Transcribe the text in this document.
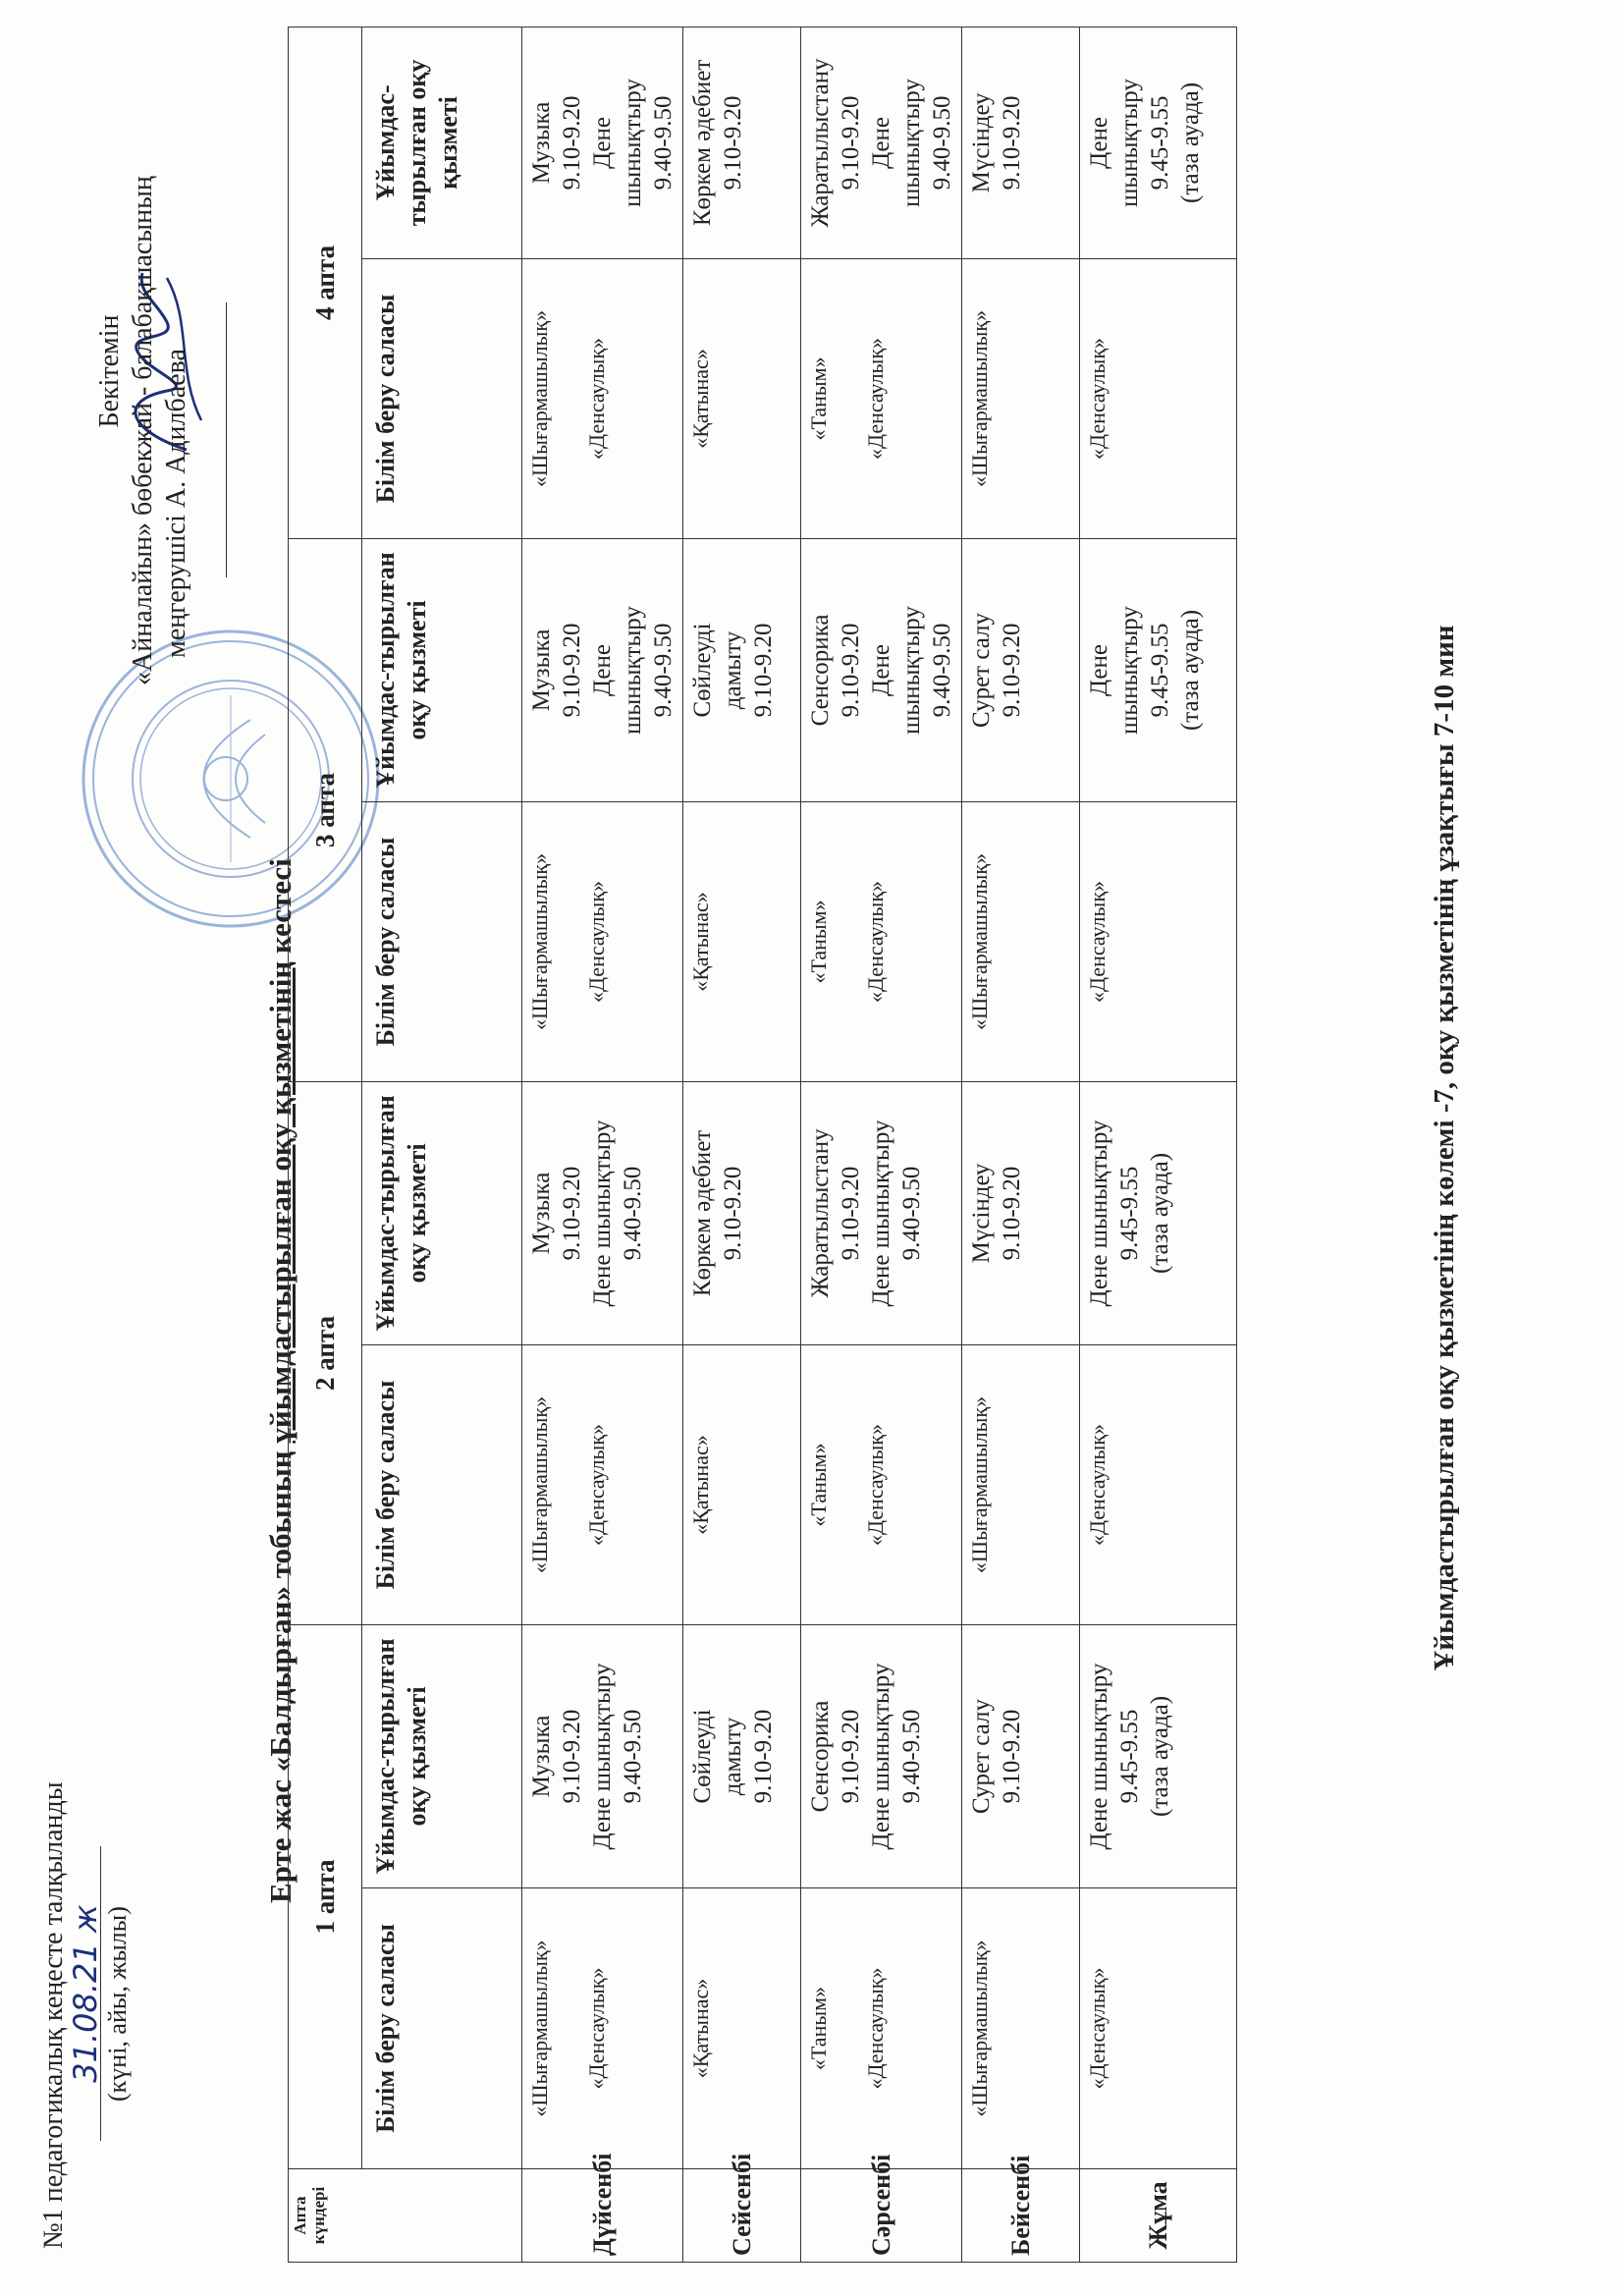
№1 педагогикалық кеңесте талқыланды
31.08.21 ж (күні, айы, жылы)
Бекітемін «Айналайын» бөбекжай - балабақшасының меңгерушісі А. Адилбаева
Ерте жас «Балдырған» тобының ұйымдастырылған оқу қызметінің кестесі
Апта күндері	1 апта		2 апта		3 апта		4 апта	
	Білім беру саласы	Ұйымдас-тырылған оқу қызметі	Білім беру саласы	Ұйымдас-тырылған оқу қызметі	Білім беру саласы	Ұйымдас-тырылған оқу қызметі	Білім беру саласы	Ұйымдас-тырылған оқу қызметі
Дүйсенбі	«Шығармашылық» «Денсаулық»	Музыка 9.10-9.20 Дене шынықтыру 9.40-9.50	«Шығармашылық» «Денсаулық»	Музыка 9.10-9.20 Дене шынықтыру 9.40-9.50	«Шығармашылық» «Денсаулық»	Музыка 9.10-9.20 Дене шынықтыру 9.40-9.50	«Шығармашылық» «Денсаулық»	Музыка 9.10-9.20 Дене шынықтыру 9.40-9.50

Сейсенбі	«Қатынас»	Сөйлеуді дамыту 9.10-9.20	«Қатынас»	Көркем әдебиет 9.10-9.20	«Қатынас»	Сөйлеуді дамыту 9.10-9.20	«Қатынас»	Көркем әдебиет 9.10-9.20

Сәрсенбі	«Таным» «Денсаулық»	Сенсорика 9.10-9.20 Дене шынықтыру 9.40-9.50	«Таным» «Денсаулық»	Жаратылыстану 9.10-9.20 Дене шынықтыру 9.40-9.50	«Таным» «Денсаулық»	Сенсорика 9.10-9.20 Дене шынықтыру 9.40-9.50	«Таным» «Денсаулық»	Жаратылыстану 9.10-9.20 Дене шынықтыру 9.40-9.50

Бейсенбі	«Шығармашылық»	Сурет салу 9.10-9.20	«Шығармашылық»	Мүсіндеу 9.10-9.20	«Шығармашылық»	Сурет салу 9.10-9.20	«Шығармашылық»	Мүсіндеу 9.10-9.20

Жұма	«Денсаулық»	Дене шынықтыру 9.45-9.55 (таза ауада)	«Денсаулық»	Дене шынықтыру 9.45-9.55 (таза ауада)	«Денсаулық»	Дене шынықтыру 9.45-9.55 (таза ауада)	«Денсаулық»	Дене шынықтыру 9.45-9.55 (таза ауада)
Ұйымдастырылған оқу қызметінің көлемі -7, оқу қызметінің ұзақтығы 7-10 мин
